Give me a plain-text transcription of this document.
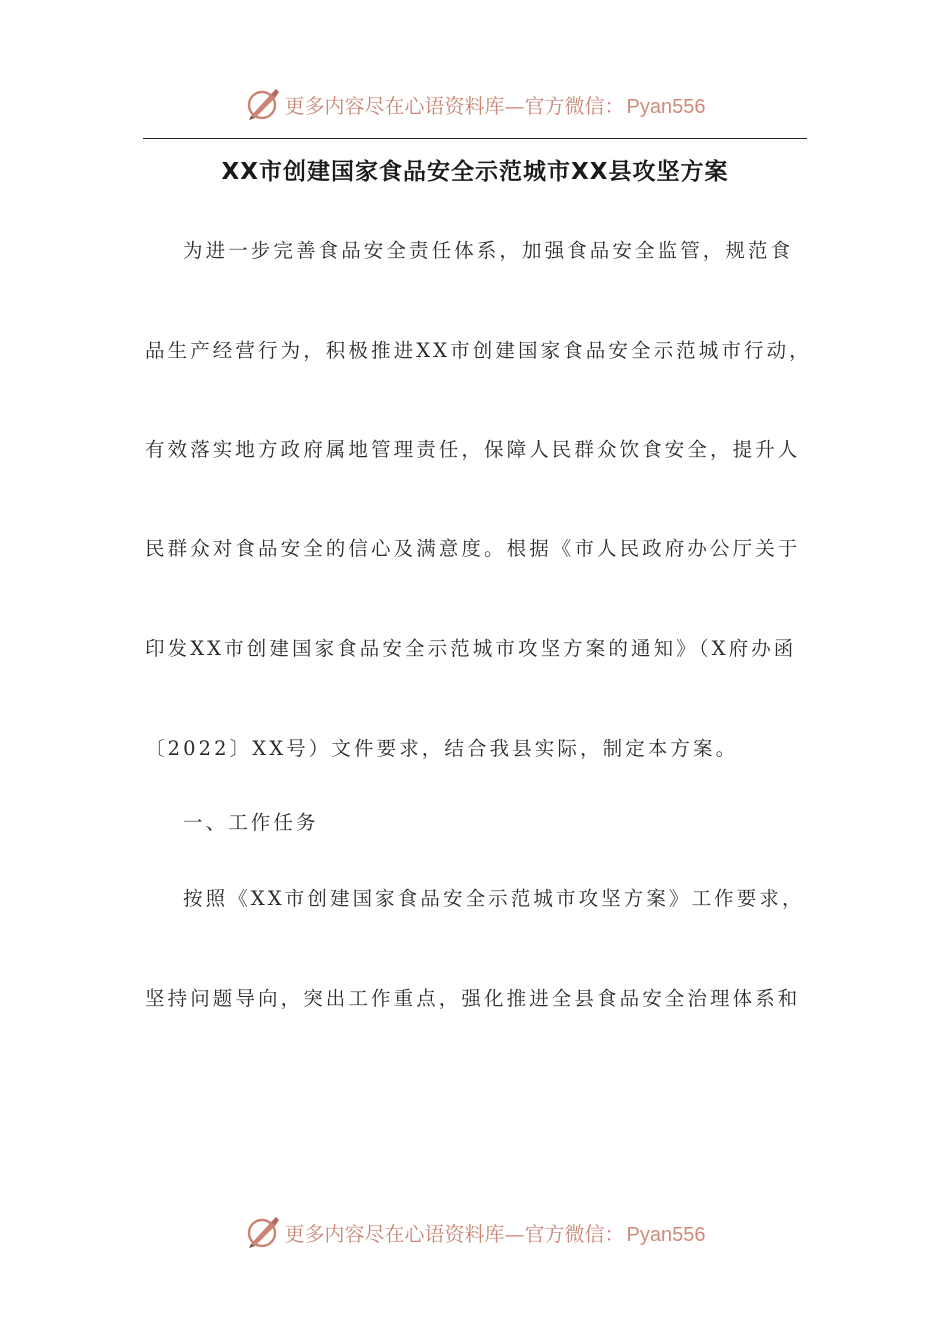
更多内容尽在心语资料库—官方微信： Pyan556
XX市创建国家食品安全示范城市XX县攻坚方案
为进一步完善食品安全责任体系，加强食品安全监管，规范食
品生产经营行为，积极推进XX市创建国家食品安全示范城市行动，
有效落实地方政府属地管理责任，保障人民群众饮食安全，提升人
民群众对食品安全的信心及满意度。根据《市人民政府办公厅关于
印发XX市创建国家食品安全示范城市攻坚方案的通知》（X府办函
〔2022〕XX号）文件要求，结合我县实际，制定本方案。
一、工作任务
按照《XX市创建国家食品安全示范城市攻坚方案》工作要求，
坚持问题导向，突出工作重点，强化推进全县食品安全治理体系和
更多内容尽在心语资料库—官方微信： Pyan556
